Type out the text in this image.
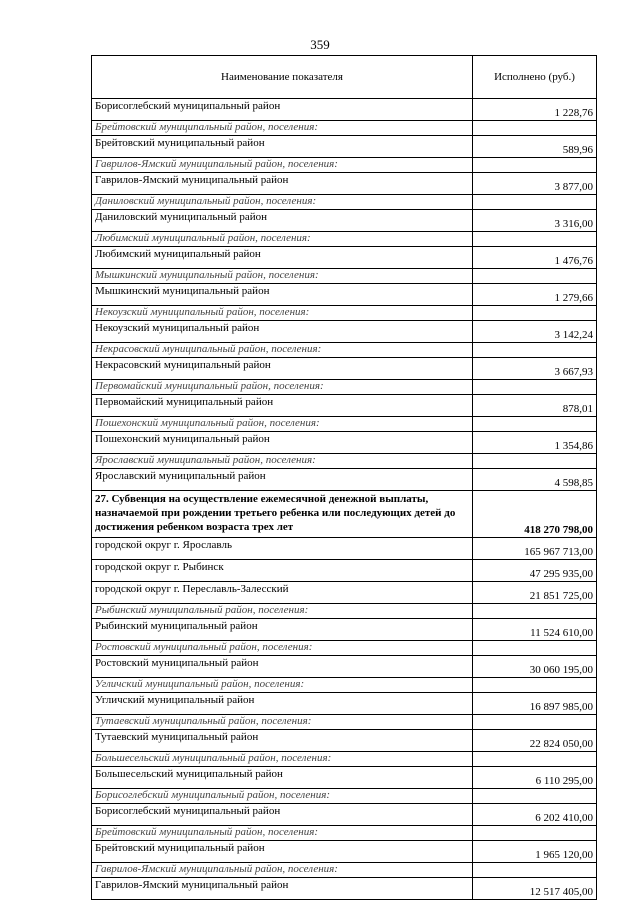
359
Наименование показателя	Исполнено (руб.)
Борисоглебский муниципальный район	1 228,76
Брейтовский муниципальный район, поселения:	
Брейтовский муниципальный район	589,96
Гаврилов-Ямский муниципальный район, поселения:	
Гаврилов-Ямский муниципальный район	3 877,00
Даниловский муниципальный район, поселения:	
Даниловский муниципальный район	3 316,00
Любимский муниципальный район, поселения:	
Любимский муниципальный район	1 476,76
Мышкинский муниципальный район, поселения:	
Мышкинский муниципальный район	1 279,66
Некоузский муниципальный район, поселения:	
Некоузский муниципальный район	3 142,24
Некрасовский муниципальный район, поселения:	
Некрасовский муниципальный район	3 667,93
Первомайский муниципальный район, поселения:	
Первомайский муниципальный район	878,01
Пошехонский муниципальный район, поселения:	
Пошехонский муниципальный район	1 354,86
Ярославский муниципальный район, поселения:	
Ярославский муниципальный район	4 598,85
27. Субвенция на осуществление ежемесячной денежной выплаты, назначаемой при рождении третьего ребенка или последующих детей до достижения ребенком возраста трех лет	418 270 798,00
городской округ г. Ярославль	165 967 713,00
городской округ г. Рыбинск	47 295 935,00
городской округ г. Переславль-Залесский	21 851 725,00
Рыбинский муниципальный район, поселения:	
Рыбинский муниципальный район	11 524 610,00
Ростовский муниципальный район, поселения:	
Ростовский муниципальный район	30 060 195,00
Угличский муниципальный район, поселения:	
Угличский муниципальный район	16 897 985,00
Тутаевский муниципальный район, поселения:	
Тутаевский муниципальный район	22 824 050,00
Большесельский муниципальный район, поселения:	
Большесельский муниципальный район	6 110 295,00
Борисоглебский муниципальный район, поселения:	
Борисоглебский муниципальный район	6 202 410,00
Брейтовский муниципальный район, поселения:	
Брейтовский муниципальный район	1 965 120,00
Гаврилов-Ямский муниципальный район, поселения:	
Гаврилов-Ямский муниципальный район	12 517 405,00
